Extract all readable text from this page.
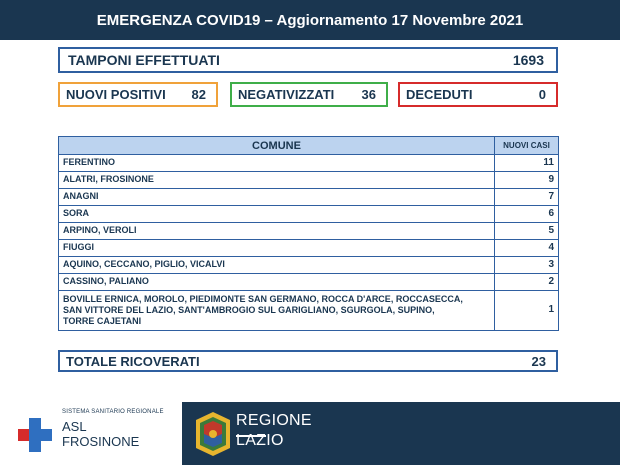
EMERGENZA COVID19 – Aggiornamento 17 Novembre 2021
TAMPONI EFFETTUATI	1693
NUOVI POSITIVI 82 NEGATIVIZZATI 36 DECEDUTI	0
COMUNE	NUOVI CASI
FERENTINO	11
ALATRI, FROSINONE	9
ANAGNI	7
SORA	6
ARPINO, VEROLI	5
FIUGGI	4
AQUINO, CECCANO, PIGLIO, VICALVI	3
CASSINO, PALIANO	2

BOVILLE ERNICA, MOROLO, PIEDIMONTE SAN GERMANO, ROCCA D'ARCE, ROCCASECCA,
SAN VITTORE DEL LAZIO, SANT'AMBROGIO SUL GARIGLIANO, SGURGOLA, SUPINO,
TORRE CAJETANI	1
TOTALE RICOVERATI	23
SISTEMA SANITARIO REGIONALE
ASL
FROSINONE
REGIONE
LAZIO
